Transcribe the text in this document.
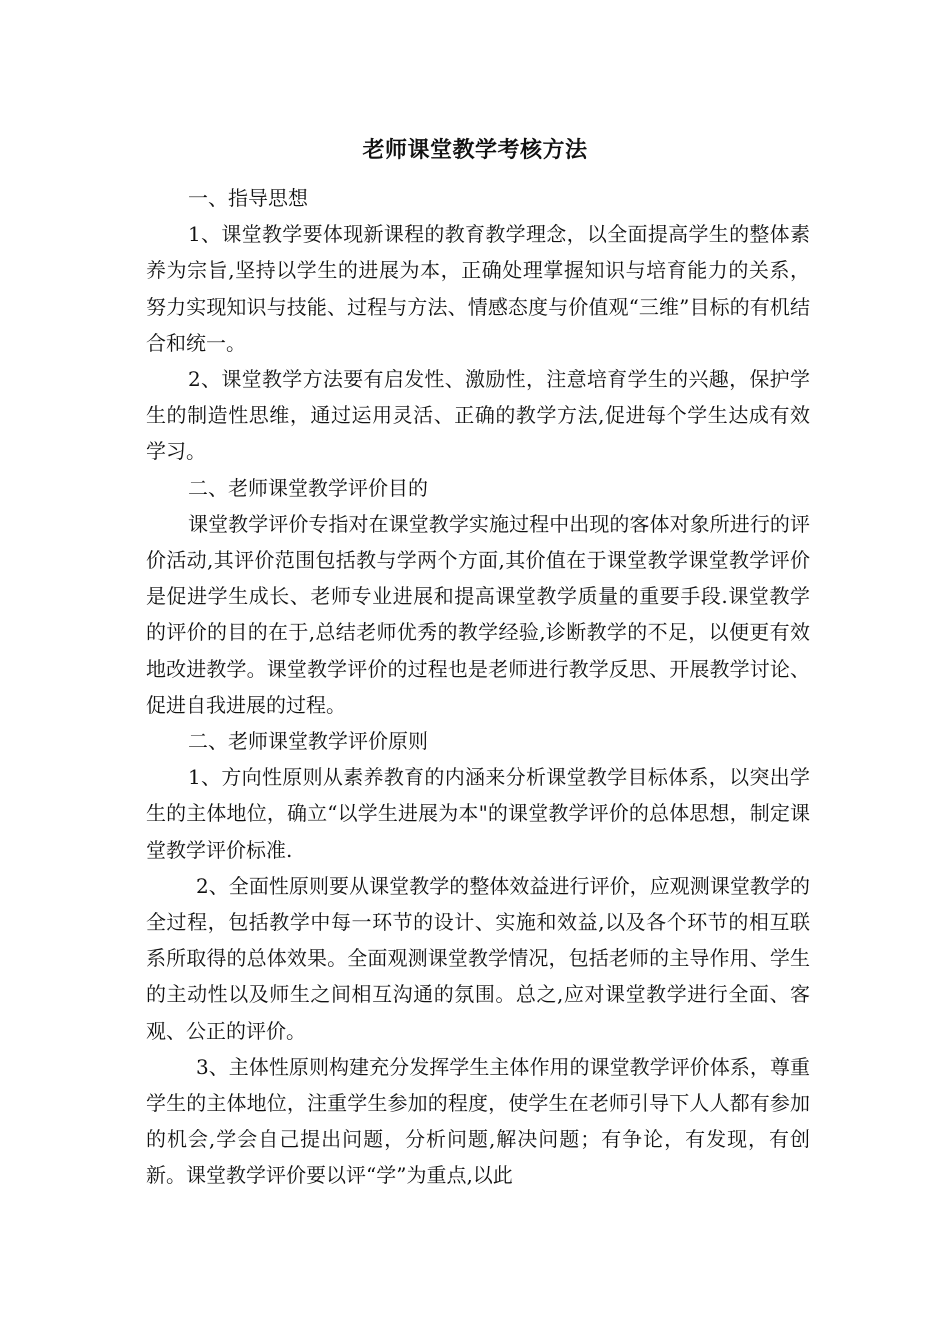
老师课堂教学考核方法

一、指导思想

1、课堂教学要体现新课程的教育教学理念，以全面提高学生的整体素养为宗旨,坚持以学生的进展为本，正确处理掌握知识与培育能力的关系，努力实现知识与技能、过程与方法、情感态度与价值观“三维”目标的有机结合和统一。

2、课堂教学方法要有启发性、激励性，注意培育学生的兴趣，保护学生的制造性思维，通过运用灵活、正确的教学方法,促进每个学生达成有效学习。

二、老师课堂教学评价目的

课堂教学评价专指对在课堂教学实施过程中出现的客体对象所进行的评价活动,其评价范围包括教与学两个方面,其价值在于课堂教学课堂教学评价是促进学生成长、老师专业进展和提高课堂教学质量的重要手段.课堂教学的评价的目的在于,总结老师优秀的教学经验,诊断教学的不足，以便更有效地改进教学。课堂教学评价的过程也是老师进行教学反思、开展教学讨论、促进自我进展的过程。

二、老师课堂教学评价原则

1、方向性原则从素养教育的内涵来分析课堂教学目标体系，以突出学生的主体地位，确立“以学生进展为本"的课堂教学评价的总体思想，制定课堂教学评价标准.

2、全面性原则要从课堂教学的整体效益进行评价，应观测课堂教学的全过程，包括教学中每一环节的设计、实施和效益,以及各个环节的相互联系所取得的总体效果。全面观测课堂教学情况，包括老师的主导作用、学生的主动性以及师生之间相互沟通的氛围。总之,应对课堂教学进行全面、客观、公正的评价。

3、主体性原则构建充分发挥学生主体作用的课堂教学评价体系，尊重学生的主体地位，注重学生参加的程度，使学生在老师引导下人人都有参加的机会,学会自己提出问题，分析问题,解决问题；有争论，有发现，有创新。课堂教学评价要以评“学”为重点,以此
